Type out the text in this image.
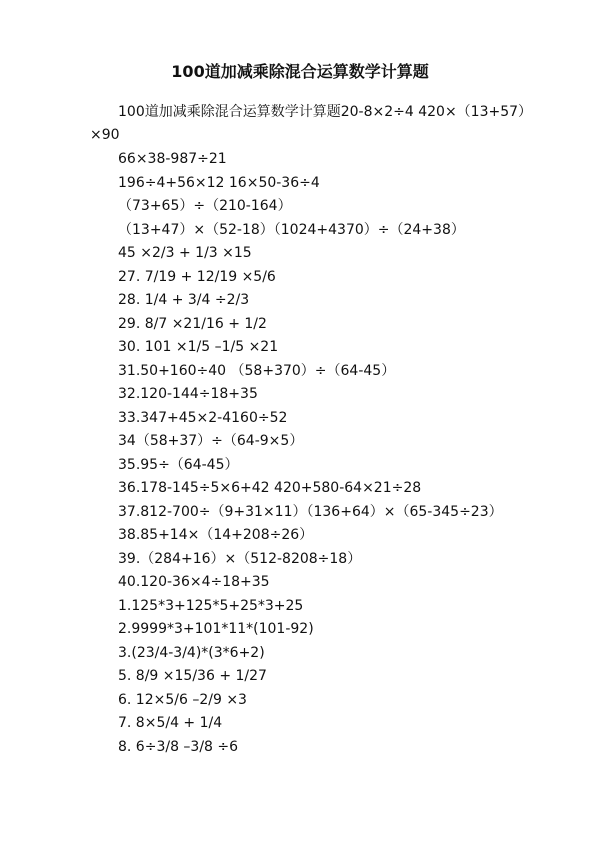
100道加减乘除混合运算数学计算题
100道加减乘除混合运算数学计算题20-8×2÷4 420×（13+57）
×90
66×38-987÷21
196÷4+56×12 16×50-36÷4
（73+65）÷（210-164）
（13+47）×（52-18）（1024+4370）÷（24+38）
45 ×2/3 + 1/3 ×15
27. 7/19 + 12/19 ×5/6
28. 1/4 + 3/4 ÷2/3
29. 8/7 ×21/16 + 1/2
30. 101 ×1/5 –1/5 ×21
31.50+160÷40 （58+370）÷（64-45）
32.120-144÷18+35
33.347+45×2-4160÷52
34（58+37）÷（64-9×5）
35.95÷（64-45）
36.178-145÷5×6+42 420+580-64×21÷28
37.812-700÷（9+31×11）（136+64）×（65-345÷23）
38.85+14×（14+208÷26）
39.（284+16）×（512-8208÷18）
40.120-36×4÷18+35
1.125*3+125*5+25*3+25
2.9999*3+101*11*(101-92)
3.(23/4-3/4)*(3*6+2)
5. 8/9 ×15/36 + 1/27
6. 12×5/6 –2/9 ×3
7. 8×5/4 + 1/4
8. 6÷3/8 –3/8 ÷6
